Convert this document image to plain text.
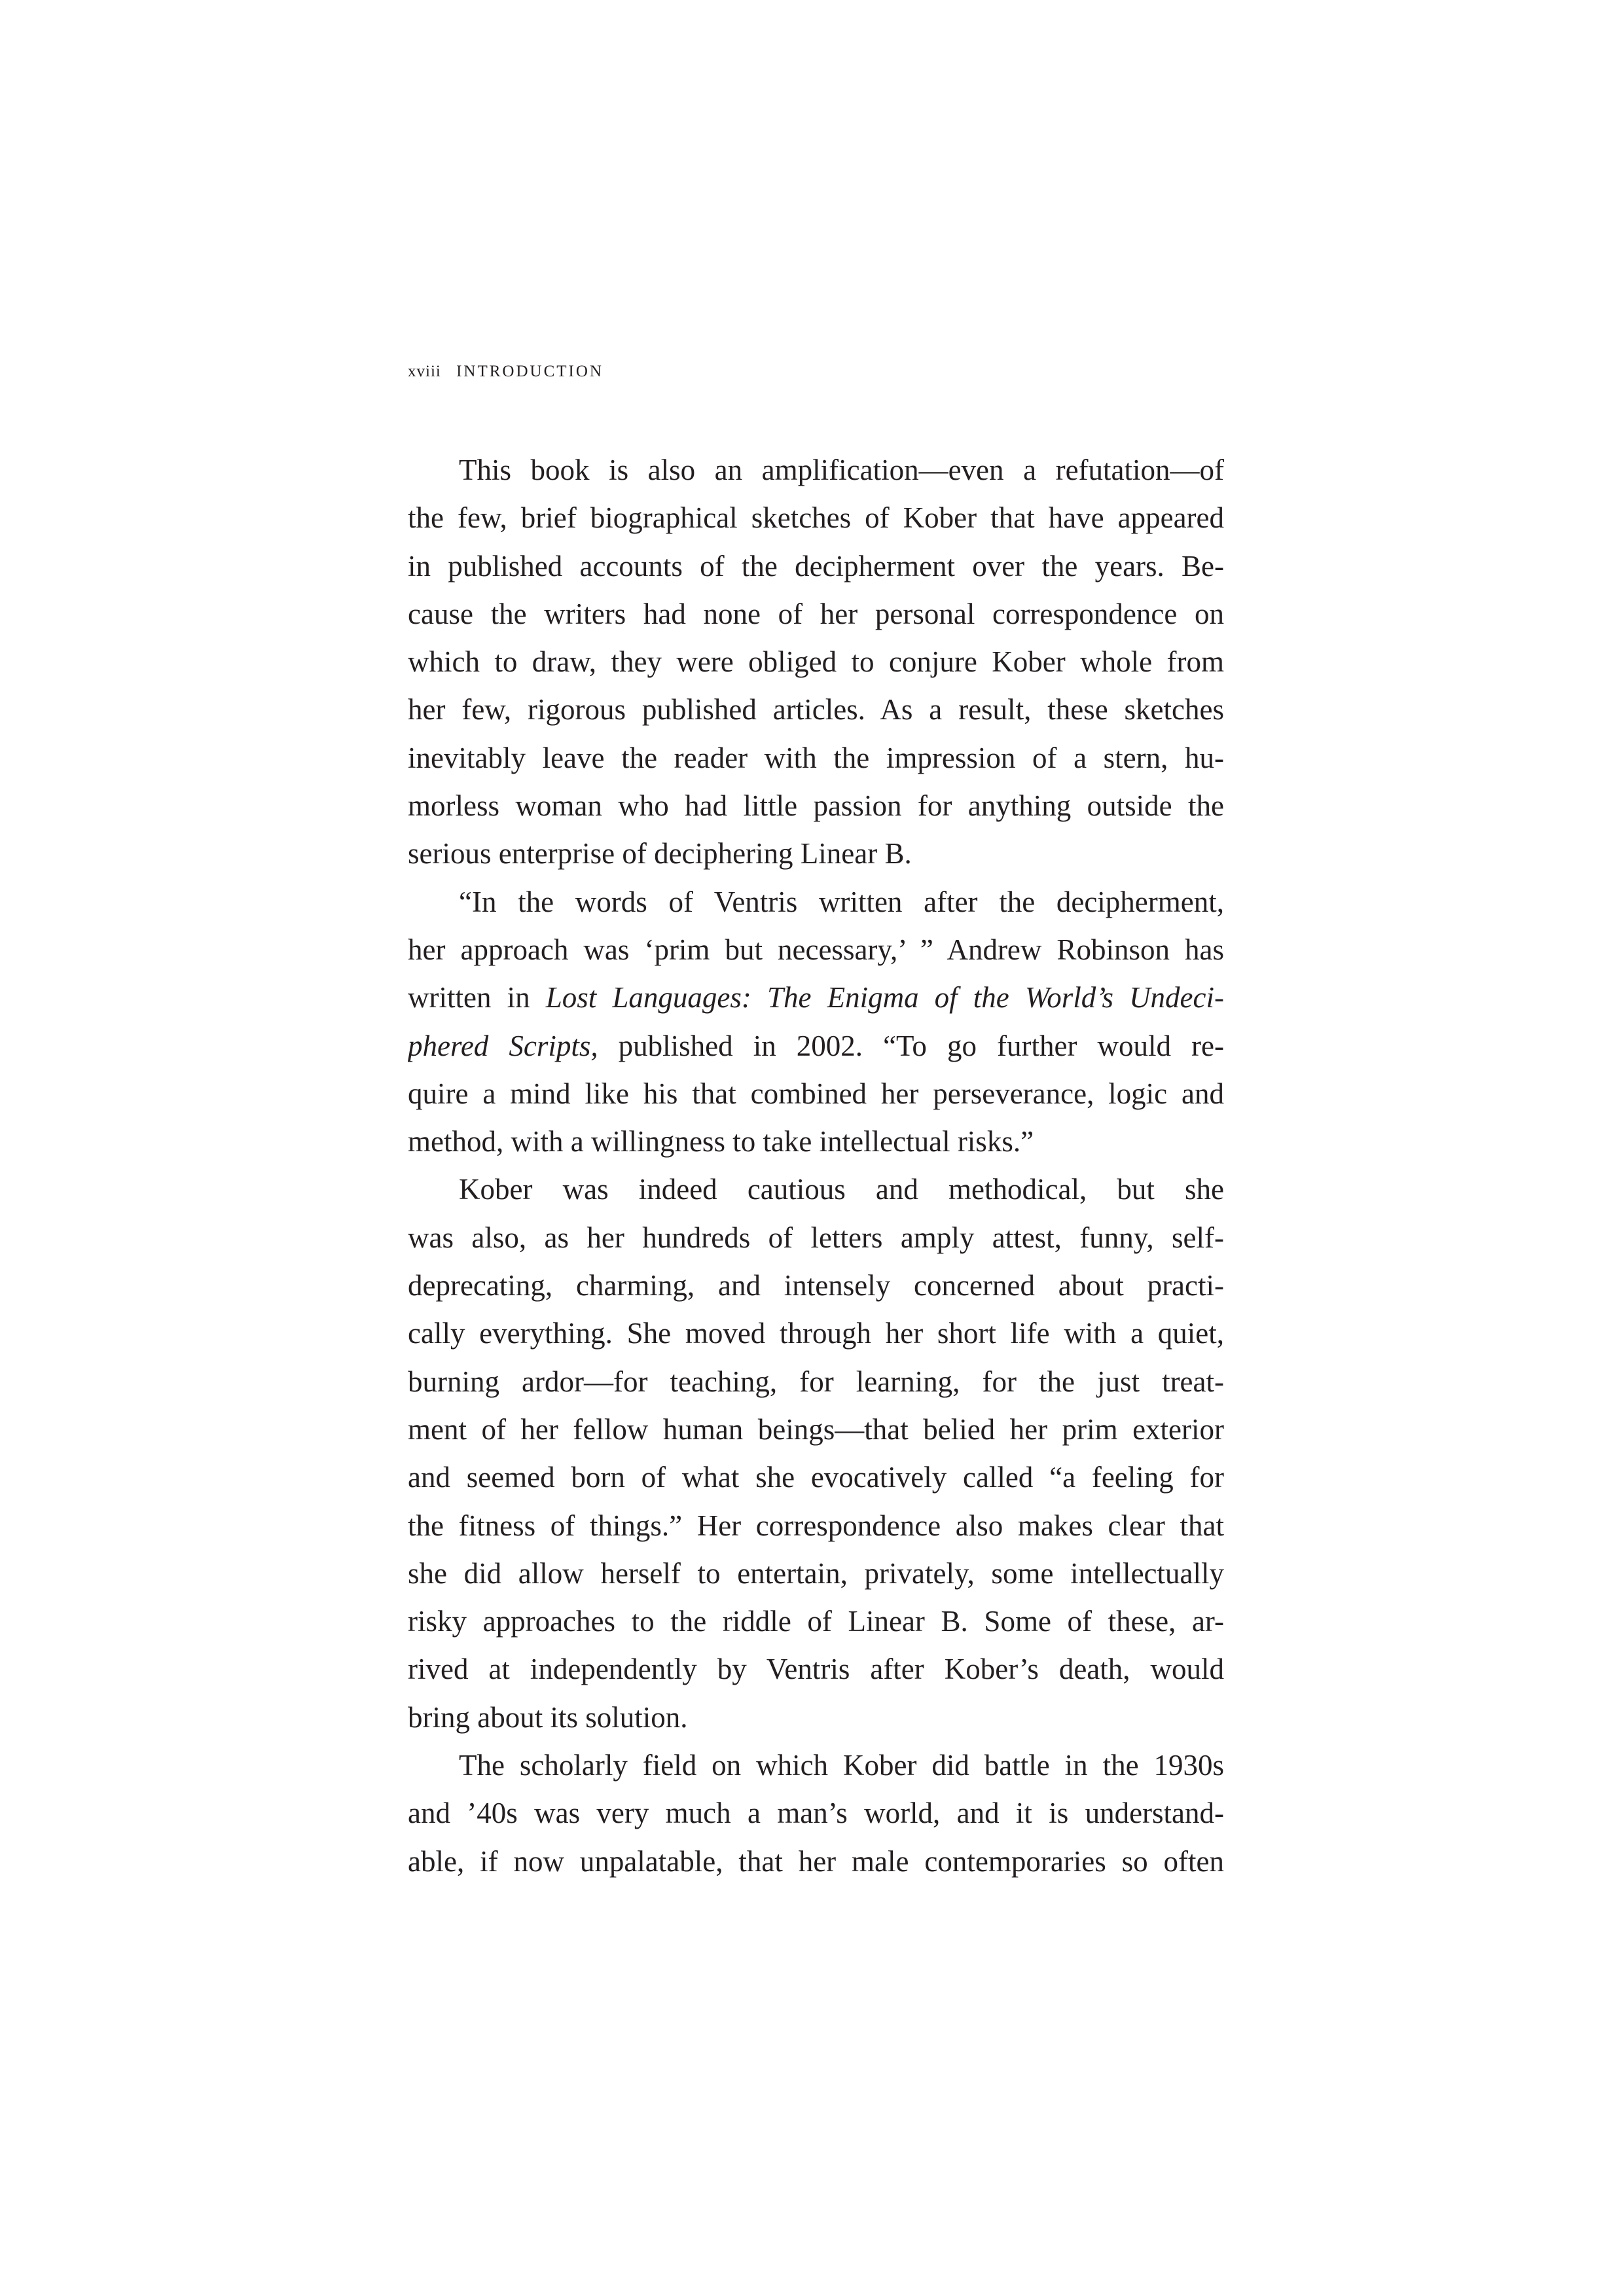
xviii INTRODUCTION
This book is also an amplification—even a refutation—of
the few, brief biographical sketches of Kober that have appeared
in published accounts of the decipherment over the years. Be-
cause the writers had none of her personal correspondence on
which to draw, they were obliged to conjure Kober whole from
her few, rigorous published articles. As a result, these sketches
inevitably leave the reader with the impression of a stern, hu-
morless woman who had little passion for anything outside the
serious enterprise of deciphering Linear B.
“In the words of Ventris written after the decipherment,
her approach was ‘prim but necessary,’ ” Andrew Robinson has
written in Lost Languages: The Enigma of the World’s Undeci-
phered Scripts, published in 2002. “To go further would re-
quire a mind like his that combined her perseverance, logic and
method, with a willingness to take intellectual risks.”
Kober was indeed cautious and methodical, but she
was also, as her hundreds of letters amply attest, funny, self-
deprecating, charming, and intensely concerned about practi-
cally everything. She moved through her short life with a quiet,
burning ardor—for teaching, for learning, for the just treat-
ment of her fellow human beings—that belied her prim exterior
and seemed born of what she evocatively called “a feeling for
the fitness of things.” Her correspondence also makes clear that
she did allow herself to entertain, privately, some intellectually
risky approaches to the riddle of Linear B. Some of these, ar-
rived at independently by Ventris after Kober’s death, would
bring about its solution.
The scholarly field on which Kober did battle in the 1930s
and ’40s was very much a man’s world, and it is understand-
able, if now unpalatable, that her male contemporaries so often
